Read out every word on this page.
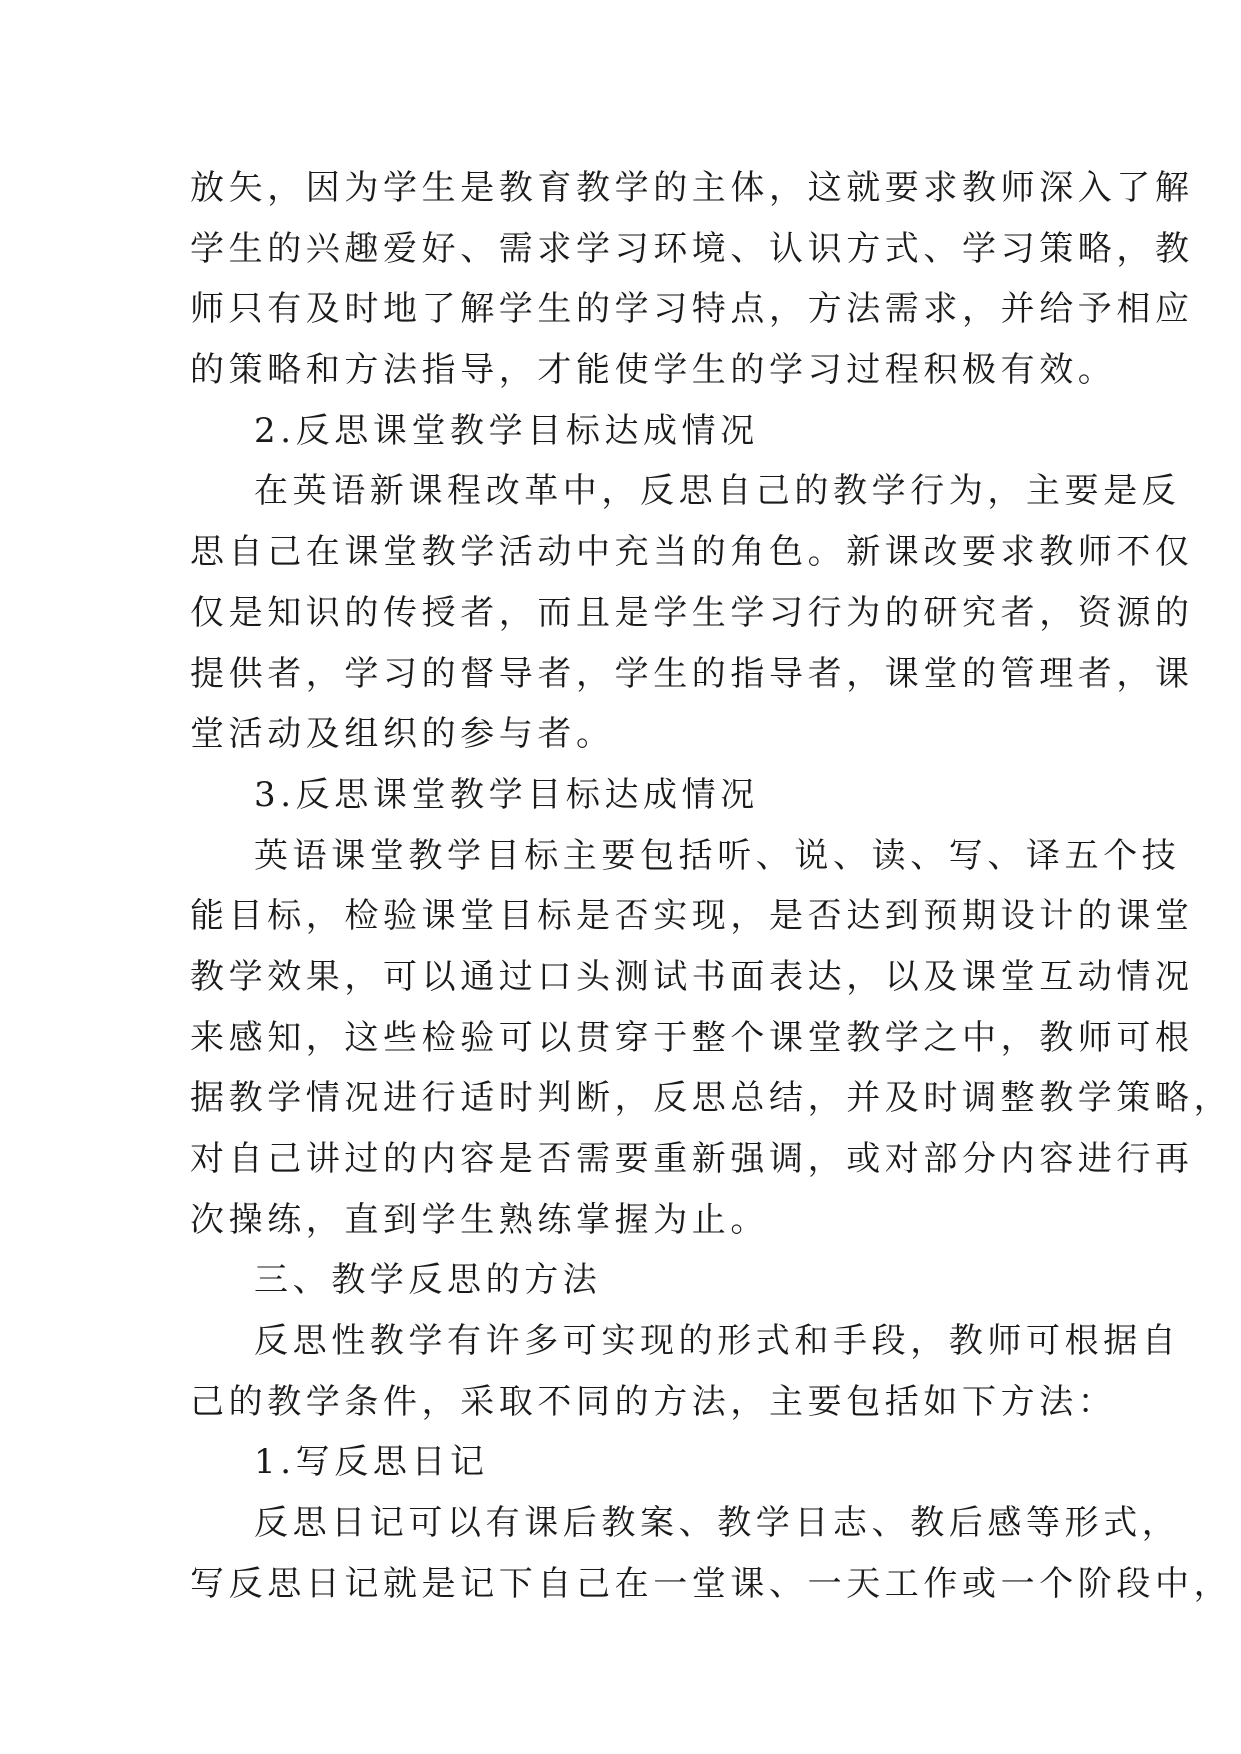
放矢，因为学生是教育教学的主体，这就要求教师深入了解
学生的兴趣爱好、需求学习环境、认识方式、学习策略，教
师只有及时地了解学生的学习特点，方法需求，并给予相应
的策略和方法指导，才能使学生的学习过程积极有效。
2.反思课堂教学目标达成情况
在英语新课程改革中，反思自己的教学行为，主要是反
思自己在课堂教学活动中充当的角色。新课改要求教师不仅
仅是知识的传授者，而且是学生学习行为的研究者，资源的
提供者，学习的督导者，学生的指导者，课堂的管理者，课
堂活动及组织的参与者。
3.反思课堂教学目标达成情况
英语课堂教学目标主要包括听、说、读、写、译五个技
能目标，检验课堂目标是否实现，是否达到预期设计的课堂
教学效果，可以通过口头测试书面表达，以及课堂互动情况
来感知，这些检验可以贯穿于整个课堂教学之中，教师可根
据教学情况进行适时判断，反思总结，并及时调整教学策略，
对自己讲过的内容是否需要重新强调，或对部分内容进行再
次操练，直到学生熟练掌握为止。
三、教学反思的方法
反思性教学有许多可实现的形式和手段，教师可根据自
己的教学条件，采取不同的方法，主要包括如下方法：
1.写反思日记
反思日记可以有课后教案、教学日志、教后感等形式，
写反思日记就是记下自己在一堂课、一天工作或一个阶段中，
